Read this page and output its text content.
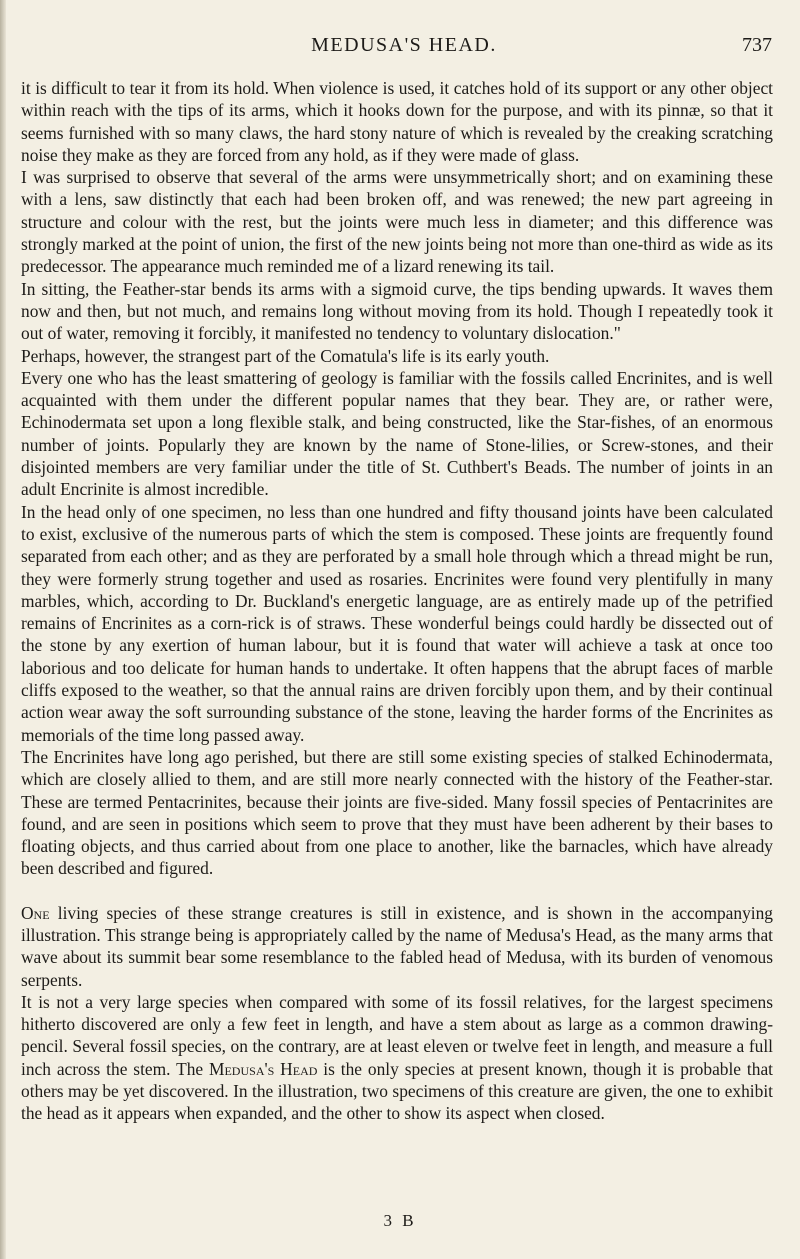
MEDUSA'S HEAD.	737

it is difficult to tear it from its hold. When violence is used, it catches hold of its support or any other object within reach with the tips of its arms, which it hooks down for the purpose, and with its pinnæ, so that it seems furnished with so many claws, the hard stony nature of which is revealed by the creaking scratching noise they make as they are forced from any hold, as if they were made of glass.

I was surprised to observe that several of the arms were unsymmetrically short; and on examining these with a lens, saw distinctly that each had been broken off, and was renewed; the new part agreeing in structure and colour with the rest, but the joints were much less in diameter; and this difference was strongly marked at the point of union, the first of the new joints being not more than one-third as wide as its predecessor. The appearance much reminded me of a lizard renewing its tail.

In sitting, the Feather-star bends its arms with a sigmoid curve, the tips bending upwards. It waves them now and then, but not much, and remains long without moving from its hold. Though I repeatedly took it out of water, removing it forcibly, it manifested no tendency to voluntary dislocation."

Perhaps, however, the strangest part of the Comatula's life is its early youth.

Every one who has the least smattering of geology is familiar with the fossils called Encrinites, and is well acquainted with them under the different popular names that they bear. They are, or rather were, Echinodermata set upon a long flexible stalk, and being constructed, like the Star-fishes, of an enormous number of joints. Popularly they are known by the name of Stone-lilies, or Screw-stones, and their disjointed members are very familiar under the title of St. Cuthbert's Beads. The number of joints in an adult Encrinite is almost incredible.

In the head only of one specimen, no less than one hundred and fifty thousand joints have been calculated to exist, exclusive of the numerous parts of which the stem is composed. These joints are frequently found separated from each other; and as they are perforated by a small hole through which a thread might be run, they were formerly strung together and used as rosaries. Encrinites were found very plentifully in many marbles, which, according to Dr. Buckland's energetic language, are as entirely made up of the petrified remains of Encrinites as a corn-rick is of straws. These wonderful beings could hardly be dissected out of the stone by any exertion of human labour, but it is found that water will achieve a task at once too laborious and too delicate for human hands to undertake. It often happens that the abrupt faces of marble cliffs exposed to the weather, so that the annual rains are driven forcibly upon them, and by their continual action wear away the soft surrounding substance of the stone, leaving the harder forms of the Encrinites as memorials of the time long passed away.

The Encrinites have long ago perished, but there are still some existing species of stalked Echinodermata, which are closely allied to them, and are still more nearly connected with the history of the Feather-star. These are termed Pentacrinites, because their joints are five-sided. Many fossil species of Pentacrinites are found, and are seen in positions which seem to prove that they must have been adherent by their bases to floating objects, and thus carried about from one place to another, like the barnacles, which have already been described and figured.

One living species of these strange creatures is still in existence, and is shown in the accompanying illustration. This strange being is appropriately called by the name of Medusa's Head, as the many arms that wave about its summit bear some resemblance to the fabled head of Medusa, with its burden of venomous serpents.

It is not a very large species when compared with some of its fossil relatives, for the largest specimens hitherto discovered are only a few feet in length, and have a stem about as large as a common drawing-pencil. Several fossil species, on the contrary, are at least eleven or twelve feet in length, and measure a full inch across the stem. The Medusa's Head is the only species at present known, though it is probable that others may be yet discovered. In the illustration, two specimens of this creature are given, the one to exhibit the head as it appears when expanded, and the other to show its aspect when closed.

3 B
